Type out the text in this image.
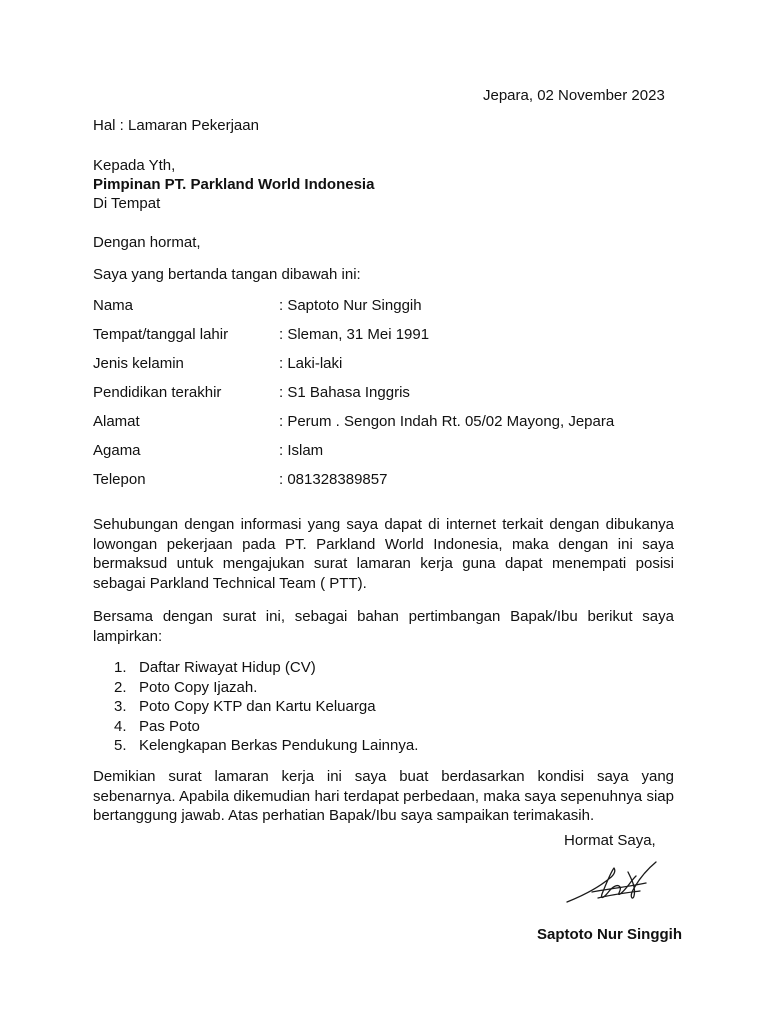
Jepara, 02 November 2023
Hal : Lamaran Pekerjaan
Kepada Yth,
Pimpinan PT. Parkland World Indonesia
Di Tempat
Dengan hormat,
Saya yang bertanda tangan dibawah ini:
Nama	: Saptoto Nur Singgih
Tempat/tanggal lahir	: Sleman, 31 Mei 1991
Jenis kelamin	: Laki-laki
Pendidikan terakhir	: S1 Bahasa Inggris
Alamat	: Perum . Sengon Indah Rt. 05/02 Mayong, Jepara
Agama	: Islam
Telepon	: 081328389857

Sehubungan dengan informasi yang saya dapat di internet terkait dengan dibukanya lowongan pekerjaan pada PT. Parkland World Indonesia, maka dengan ini saya bermaksud untuk mengajukan surat lamaran kerja guna dapat menempati posisi sebagai Parkland Technical Team ( PTT).

Bersama dengan surat ini, sebagai bahan pertimbangan Bapak/Ibu berikut saya lampirkan:

1. Daftar Riwayat Hidup (CV)
2. Poto Copy Ijazah.
3. Poto Copy KTP dan Kartu Keluarga
4. Pas Poto
5. Kelengkapan Berkas Pendukung Lainnya.

Demikian surat lamaran kerja ini saya buat berdasarkan kondisi saya yang sebenarnya. Apabila dikemudian hari terdapat perbedaan, maka saya sepenuhnya siap bertanggung jawab. Atas perhatian Bapak/Ibu saya sampaikan terimakasih.

Hormat Saya,
Saptoto Nur Singgih
